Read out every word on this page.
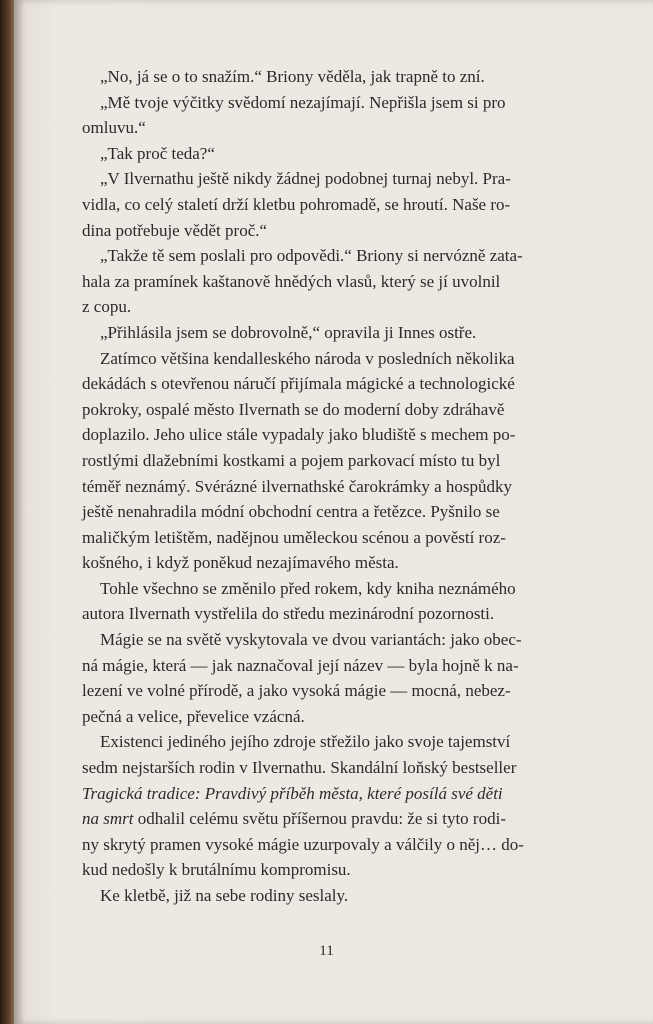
„No, já se o to snažím.“ Briony věděla, jak trapně to zní.

„Mě tvoje výčitky svědomí nezajímají. Nepřišla jsem si pro
omluvu.“

„Tak proč teda?“

„V Ilvernathu ještě nikdy žádnej podobnej turnaj nebyl. Pra-
vidla, co celý staletí drží kletbu pohromadě, se hroutí. Naše ro-
dina potřebuje vědět proč.“

„Takže tě sem poslali pro odpovědi.“ Briony si nervózně zata-
hala za pramínek kaštanově hnědých vlasů, který se jí uvolnil
z copu.

„Přihlásila jsem se dobrovolně,“ opravila ji Innes ostře.

Zatímco většina kendalleského národa v posledních několika
dekádách s otevřenou náručí přijímala mágické a technologické
pokroky, ospalé město Ilvernath se do moderní doby zdráhavě
doplazilo. Jeho ulice stále vypadaly jako bludiště s mechem po-
rostlými dlažebními kostkami a pojem parkovací místo tu byl
téměř neznámý. Svérázné ilvernathské čarokrámky a hospůdky
ještě nenahradila módní obchodní centra a řetězce. Pyšnilo se
maličkým letištěm, nadějnou uměleckou scénou a pověstí roz-
košného, i když poněkud nezajímavého města.

Tohle všechno se změnilo před rokem, kdy kniha neznámého
autora Ilvernath vystřelila do středu mezinárodní pozornosti.

Mágie se na světě vyskytovala ve dvou variantách: jako obec-
ná mágie, která — jak naznačoval její název — byla hojně k na-
lezení ve volné přírodě, a jako vysoká mágie — mocná, nebez-
pečná a velice, převelice vzácná.

Existenci jediného jejího zdroje střežilo jako svoje tajemství
sedm nejstarších rodin v Ilvernathu. Skandální loňský bestseller

Tragická tradice: Pravdivý příběh města, které posílá své děti
na smrt odhalil celému světu příšernou pravdu: že si tyto rodi-
ny skrytý pramen vysoké mágie uzurpovaly a válčily o něj… do-
kud nedošly k brutálnímu kompromisu.

Ke kletbě, již na sebe rodiny seslaly.

11
